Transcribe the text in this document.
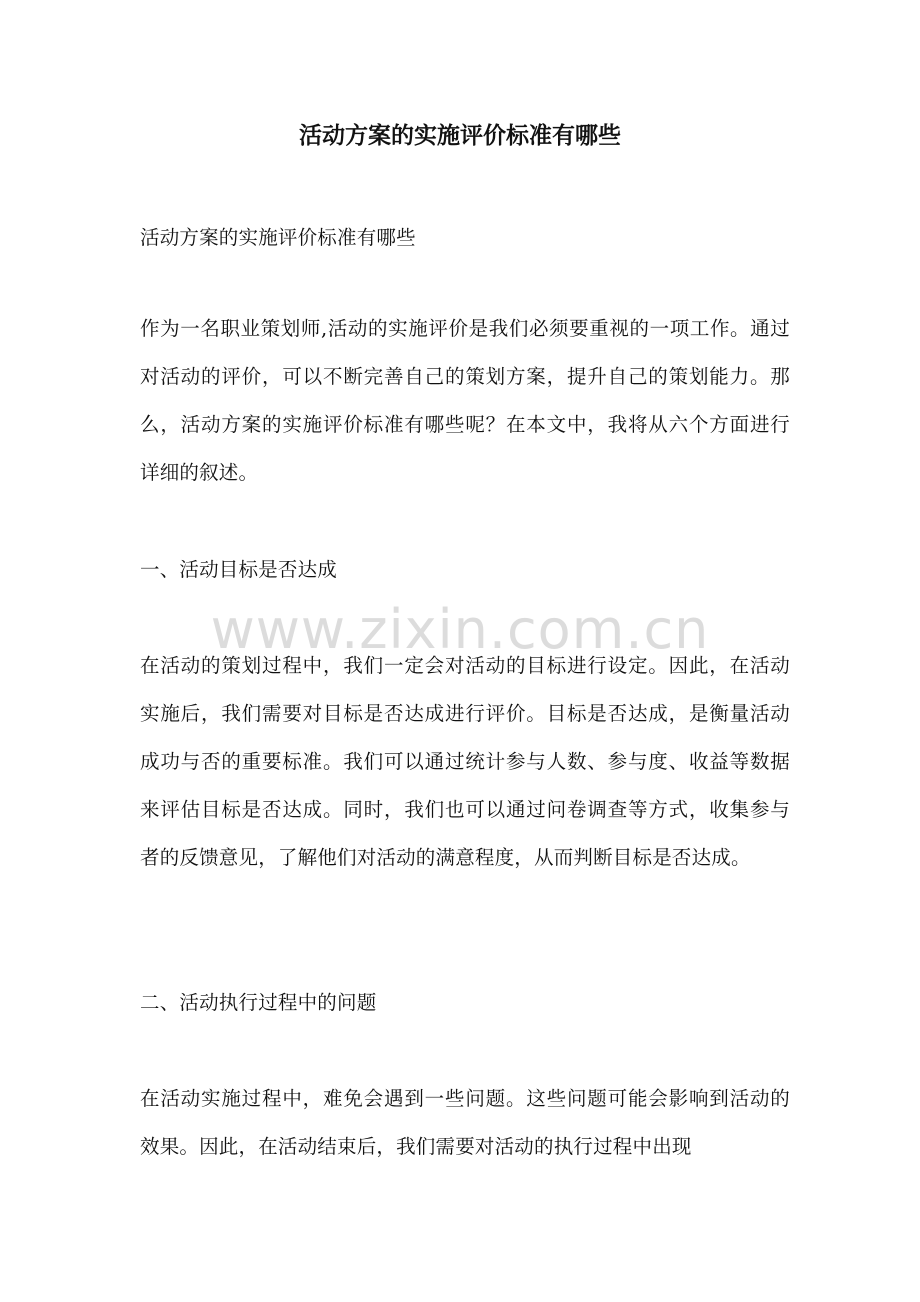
活动方案的实施评价标准有哪些

活动方案的实施评价标准有哪些

作为一名职业策划师,活动的实施评价是我们必须要重视的一项工作。通过对活动的评价，可以不断完善自己的策划方案，提升自己的策划能力。那么，活动方案的实施评价标准有哪些呢？在本文中，我将从六个方面进行详细的叙述。

一、活动目标是否达成

在活动的策划过程中，我们一定会对活动的目标进行设定。因此，在活动实施后，我们需要对目标是否达成进行评价。目标是否达成，是衡量活动成功与否的重要标准。我们可以通过统计参与人数、参与度、收益等数据来评估目标是否达成。同时，我们也可以通过问卷调查等方式，收集参与者的反馈意见，了解他们对活动的满意程度，从而判断目标是否达成。

二、活动执行过程中的问题

在活动实施过程中，难免会遇到一些问题。这些问题可能会影响到活动的效果。因此，在活动结束后，我们需要对活动的执行过程中出现

www.zixin.com.cn
